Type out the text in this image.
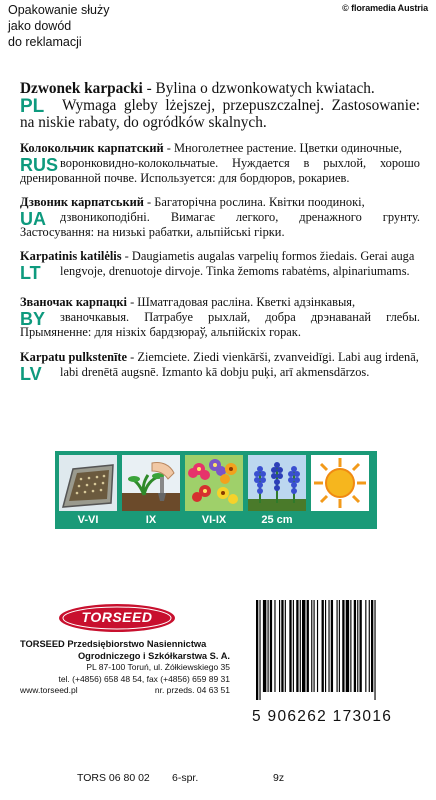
Opakowanie służy
jako dowód
do reklamacji
© floramedia Austria
PL

Dzwonek karpacki - Bylina o dzwonkowatych kwiatach.

Wymaga gleby lżejszej, przepuszczalnej. Zastosowanie: na niskie rabaty, do ogródków skalnych.

RUS

Колокольчик карпатский - Многолетнее растение. Цветки одиночные,

воронковидно-колокольчатые. Нуждается в рыхлой, хорошо дренированной почве. Используется: для бордюров, рокариев.

UA

Дзвоник карпатський - Багаторічна рослина. Квітки поодинокі,

дзвоникоподібні. Вимагає легкого, дренажного грунту. Застосування: на низькі рабатки, альпійські гірки.

LT

Karpatinis katilėlis - Daugiametis augalas varpelių formos žiedais. Gerai auga

lengvoje, drenuotoje dirvoje. Tinka žemoms rabatėms, alpinariumams.

BY

Званочак карпацкі - Шматгадовая расліна. Кветкі адзінкавыя,

званочкавыя. Патрабуе рыхлай, добра дрэнаванай глебы. Прымяненне: для нізкіх бардзюраў, альпійскіх горак.

LV

Karpatu pulkstenīte - Ziemciete. Ziedi vienkārši, zvanveidīgi. Labi aug irdenā,

labi drenētā augsnē. Izmanto kā dobju puķi, arī akmensdārzos.

V-VI	IX	VI-IX	25 cm
TORSEED
TORSEED Przedsiębiorstwo Nasiennictwa
Ogrodniczego i Szkółkarstwa S. A.
PL 87-100 Toruń, ul. Żółkiewskiego 35
tel. (+4856) 658 48 54, fax (+4856) 659 89 31
www.torseed.pl	nr. przeds. 04 63 51
5 906262 173016
TORS 06 80 02 6-spr.	9z
